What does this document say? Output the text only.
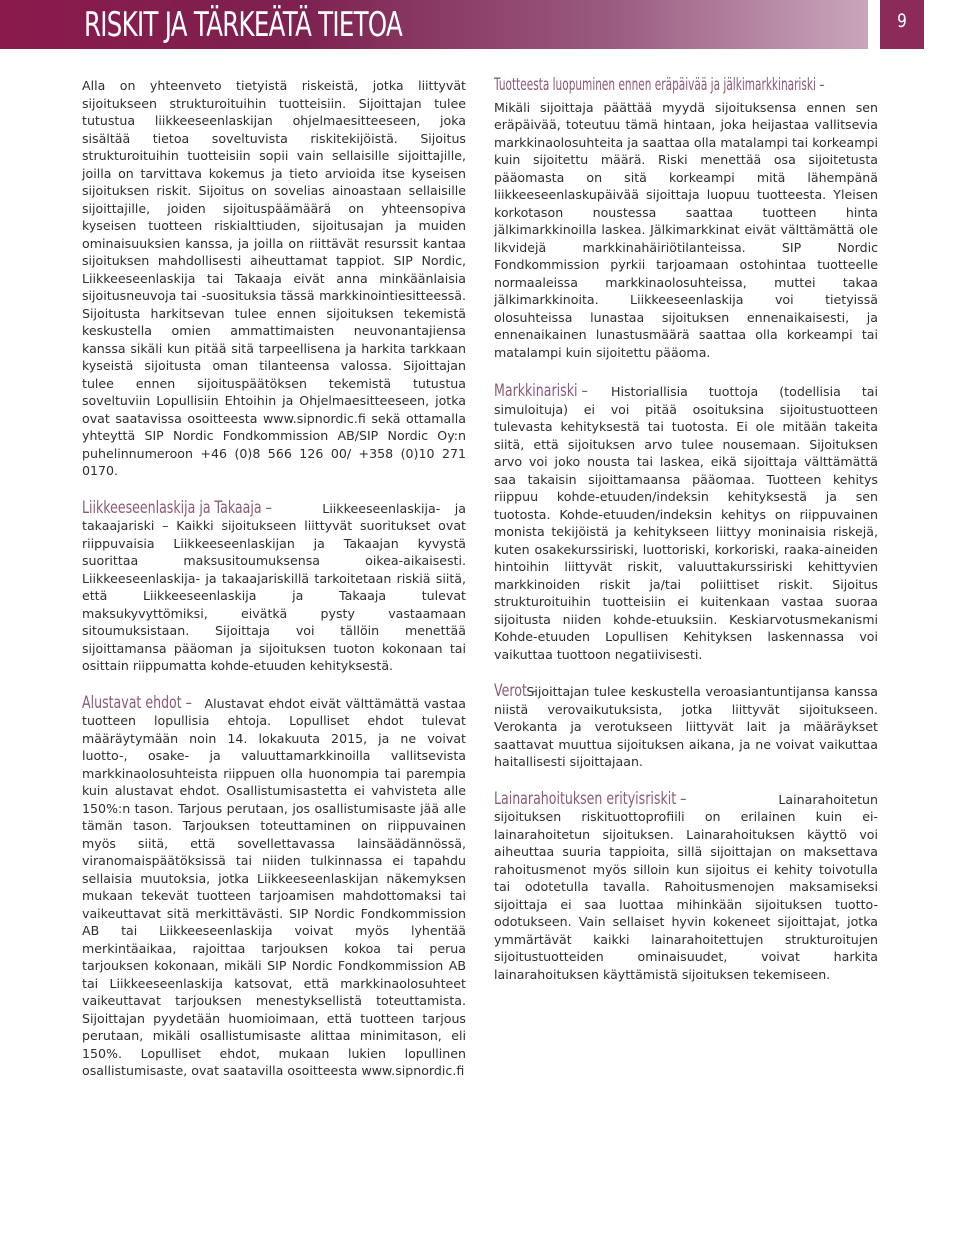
RISKIT JA TÄRKEÄTÄ TIETOA	9

Alla on yhteenveto tietyistä riskeistä, jotka liittyvät sijoitukseen strukturoituihin tuotteisiin. Sijoittajan tulee tutustua liikkeeseenlaskijan ohjelmaesitteeseen, joka sisältää tietoa soveltuvista riskitekijöistä. Sijoitus strukturoituihin tuotteisiin sopii vain sellaisille sijoittajille, joilla on tarvittava kokemus ja tieto arvioida itse kyseisen sijoituksen riskit. Sijoitus on sovelias ainoastaan sellaisille sijoittajille, joiden sijoituspäämäärä on yhteensopiva kyseisen tuotteen riskialttiuden, sijoitusajan ja muiden ominaisuuksien kanssa, ja joilla on riittävät resurssit kantaa sijoituksen mahdollisesti aiheuttamat tappiot. SIP Nordic, Liikkeeseenlaskija tai Takaaja eivät anna minkäänlaisia sijoitusneuvoja tai -suosituksia tässä markkinointiesitteessä. Sijoitusta harkitsevan tulee ennen sijoituksen tekemistä keskustella omien ammattimaisten neuvonantajiensa kanssa sikäli kun pitää sitä tarpeellisena ja harkita tarkkaan kyseistä sijoitusta oman tilanteensa valossa. Sijoittajan tulee ennen sijoituspäätöksen tekemistä tutustua soveltuviin Lopullisiin Ehtoihin ja Ohjelmaesitteeseen, jotka ovat saatavissa osoitteesta www.sipnordic.fi sekä ottamalla yhteyttä SIP Nordic Fondkommission AB/SIP Nordic Oy:n puhelinnumeroon +46 (0)8 566 126 00/ +358 (0)10 271 0170.

Liikkeeseenlaskija ja Takaaja –	Liikkeeseenlaskija- ja takaajariski – Kaikki sijoitukseen liittyvät suoritukset ovat riippuvaisia Liikkeeseenlaskijan ja Takaajan kyvystä suorittaa maksusitoumuksensa oikea-aikaisesti. Liikkeeseenlaskija- ja takaajariskillä tarkoitetaan riskiä siitä, että Liikkeeseenlaskija ja Takaaja tulevat maksukyvyttömiksi, eivätkä pysty vastaamaan sitoumuksistaan. Sijoittaja voi tällöin menettää sijoittamansa pääoman ja sijoituksen tuoton kokonaan tai osittain riippumatta kohde-etuuden kehityksestä.

Alustavat ehdot – Alustavat ehdot eivät välttämättä vastaa tuotteen lopullisia ehtoja. Lopulliset ehdot tulevat määräytymään noin 14. lokakuuta 2015, ja ne voivat luotto-, osake- ja valuuttamarkkinoilla vallitsevista markkinaolosuhteista riippuen olla huonompia tai parempia kuin alustavat ehdot. Osallistumisastetta ei vahvisteta alle 150%:n tason. Tarjous perutaan, jos osallistumisaste jää alle tämän tason. Tarjouksen toteuttaminen on riippuvainen myös siitä, että sovellettavassa lainsäädännössä, viranomaispäätöksissä tai niiden tulkinnassa ei tapahdu sellaisia muutoksia, jotka Liikkeeseenlaskijan näkemyksen mukaan tekevät tuotteen tarjoamisen mahdottomaksi tai vaikeuttavat sitä merkittävästi. SIP Nordic Fondkommission AB tai Liikkeeseenlaskija voivat myös lyhentää merkintäaikaa, rajoittaa tarjouksen kokoa tai perua tarjouksen kokonaan, mikäli SIP Nordic Fondkommission AB tai Liikkeeseenlaskija katsovat, että markkinaolosuhteet vaikeuttavat tarjouksen menestyksellistä toteuttamista. Sijoittajan pyydetään huomioimaan, että tuotteen tarjous perutaan, mikäli osallistumisaste alittaa minimitason, eli 150%. Lopulliset ehdot, mukaan lukien lopullinen osallistumisaste, ovat saatavilla osoitteesta www.sipnordic.fi

Tuotteesta luopuminen ennen eräpäivää ja jälkimarkkinariski –
Mikäli sijoittaja päättää myydä sijoituksensa ennen sen eräpäivää, toteutuu tämä hintaan, joka heijastaa vallitsevia markkinaolosuhteita ja saattaa olla matalampi tai korkeampi kuin sijoitettu määrä. Riski menettää osa sijoitetusta pääomasta on sitä korkeampi mitä lähempänä liikkeeseenlaskupäivää sijoittaja luopuu tuotteesta. Yleisen korkotason noustessa saattaa tuotteen hinta jälkimarkkinoilla laskea. Jälkimarkkinat eivät välttämättä ole likvidejä markkinahäiriötilanteissa. SIP Nordic Fondkommission pyrkii tarjoamaan ostohintaa tuotteelle normaaleissa markkinaolosuhteissa, muttei takaa jälkimarkkinoita. Liikkeeseenlaskija voi tietyissä olosuhteissa lunastaa sijoituksen ennenaikaisesti, ja ennenaikainen lunastusmäärä saattaa olla korkeampi tai matalampi kuin sijoitettu pääoma.

Markkinariski – Historiallisia tuottoja (todellisia tai simuloituja) ei voi pitää osoituksina sijoitustuotteen tulevasta kehityksestä tai tuotosta. Ei ole mitään takeita siitä, että sijoituksen arvo tulee nousemaan. Sijoituksen arvo voi joko nousta tai laskea, eikä sijoittaja välttämättä saa takaisin sijoittamaansa pääomaa. Tuotteen kehitys riippuu kohde-etuuden/indeksin kehityksestä ja sen tuotosta. Kohde-etuuden/indeksin kehitys on riippuvainen monista tekijöistä ja kehitykseen liittyy moninaisia riskejä, kuten osakekurssiriski, luottoriski, korkoriski, raaka-aineiden hintoihin liittyvät riskit, valuuttakurssiriski kehittyvien markkinoiden riskit ja/tai poliittiset riskit. Sijoitus strukturoituihin tuotteisiin ei kuitenkaan vastaa suoraa sijoitusta niiden kohde-etuuksiin. Keskiarvotusmekanismi Kohde-etuuden Lopullisen Kehityksen laskennassa voi vaikuttaa tuottoon negatiivisesti.

Verot – Sijoittajan tulee keskustella veroasiantuntijansa kanssa niistä verovaikutuksista, jotka liittyvät sijoitukseen. Verokanta ja verotukseen liittyvät lait ja määräykset saattavat muuttua sijoituksen aikana, ja ne voivat vaikuttaa haitallisesti sijoittajaan.

Lainarahoituksen erityisriskit –	Lainarahoitetun sijoituksen riskituottoprofiili on erilainen kuin ei-lainarahoitetun sijoituksen. Lainarahoituksen käyttö voi aiheuttaa suuria tappioita, sillä sijoittajan on maksettava rahoitusmenot myös silloin kun sijoitus ei kehity toivotulla tai odotetulla tavalla. Rahoitusmenojen maksamiseksi sijoittaja ei saa luottaa mihinkään sijoituksen tuotto-odotukseen. Vain sellaiset hyvin kokeneet sijoittajat, jotka ymmärtävät kaikki lainarahoitettujen strukturoitujen sijoitustuotteiden ominaisuudet, voivat harkita lainarahoituksen käyttämistä sijoituksen tekemiseen.
